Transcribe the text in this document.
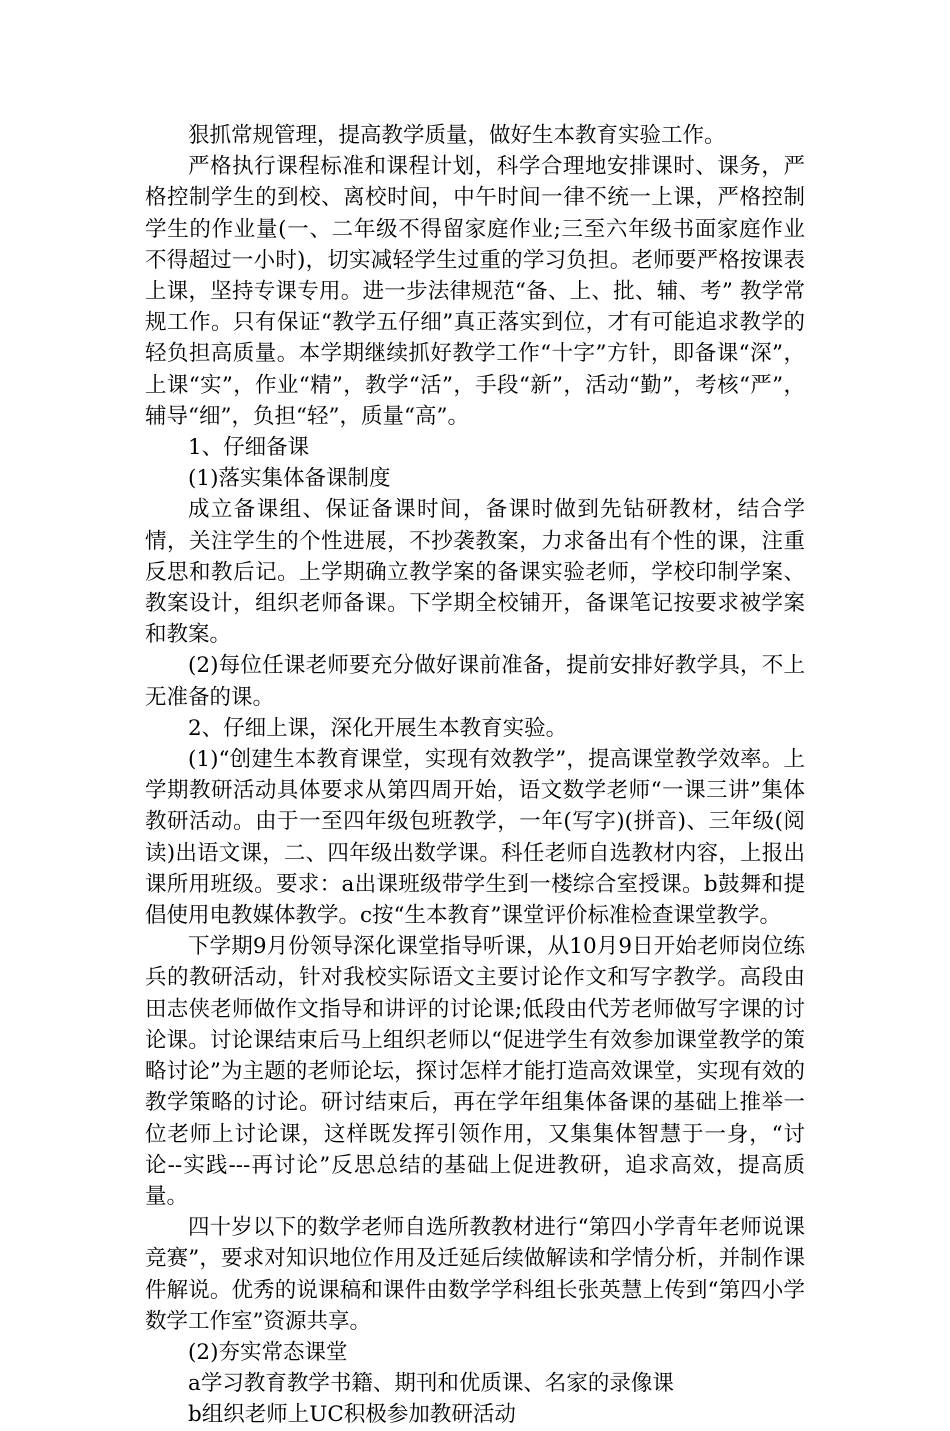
狠抓常规管理，提高教学质量，做好生本教育实验工作。

严格执行课程标准和课程计划，科学合理地安排课时、课务，严格控制学生的到校、离校时间，中午时间一律不统一上课，严格控制学生的作业量(一、二年级不得留家庭作业;三至六年级书面家庭作业不得超过一小时)，切实减轻学生过重的学习负担。老师要严格按课表上课，坚持专课专用。进一步法律规范“备、上、批、辅、考” 教学常规工作。只有保证“教学五仔细”真正落实到位，才有可能追求教学的轻负担高质量。本学期继续抓好教学工作“十字”方针，即备课“深”，上课“实”，作业“精”，教学“活”，手段“新”，活动“勤”，考核“严”，辅导“细”，负担“轻”，质量“高”。

1、仔细备课

(1)落实集体备课制度

成立备课组、保证备课时间，备课时做到先钻研教材，结合学情，关注学生的个性进展，不抄袭教案，力求备出有个性的课，注重反思和教后记。上学期确立教学案的备课实验老师，学校印制学案、教案设计，组织老师备课。下学期全校铺开，备课笔记按要求被学案和教案。

(2)每位任课老师要充分做好课前准备，提前安排好教学具，不上无准备的课。

2、仔细上课，深化开展生本教育实验。

(1)“创建生本教育课堂，实现有效教学”，提高课堂教学效率。上学期教研活动具体要求从第四周开始，语文数学老师“一课三讲”集体教研活动。由于一至四年级包班教学，一年(写字)(拼音)、三年级(阅读)出语文课，二、四年级出数学课。科任老师自选教材内容，上报出课所用班级。要求：a出课班级带学生到一楼综合室授课。b鼓舞和提倡使用电教媒体教学。c按“生本教育”课堂评价标准检查课堂教学。

下学期9月份领导深化课堂指导听课，从10月9日开始老师岗位练兵的教研活动，针对我校实际语文主要讨论作文和写字教学。高段由田志侠老师做作文指导和讲评的讨论课;低段由代芳老师做写字课的讨论课。讨论课结束后马上组织老师以“促进学生有效参加课堂教学的策略讨论”为主题的老师论坛，探讨怎样才能打造高效课堂，实现有效的教学策略的讨论。研讨结束后，再在学年组集体备课的基础上推举一位老师上讨论课，这样既发挥引领作用，又集集体智慧于一身，“讨论--实践---再讨论”反思总结的基础上促进教研，追求高效，提高质量。

四十岁以下的数学老师自选所教教材进行“第四小学青年老师说课竞赛”，要求对知识地位作用及迁延后续做解读和学情分析，并制作课件解说。优秀的说课稿和课件由数学学科组长张英慧上传到“第四小学数学工作室”资源共享。

(2)夯实常态课堂

a学习教育教学书籍、期刊和优质课、名家的录像课

b组织老师上UC积极参加教研活动
